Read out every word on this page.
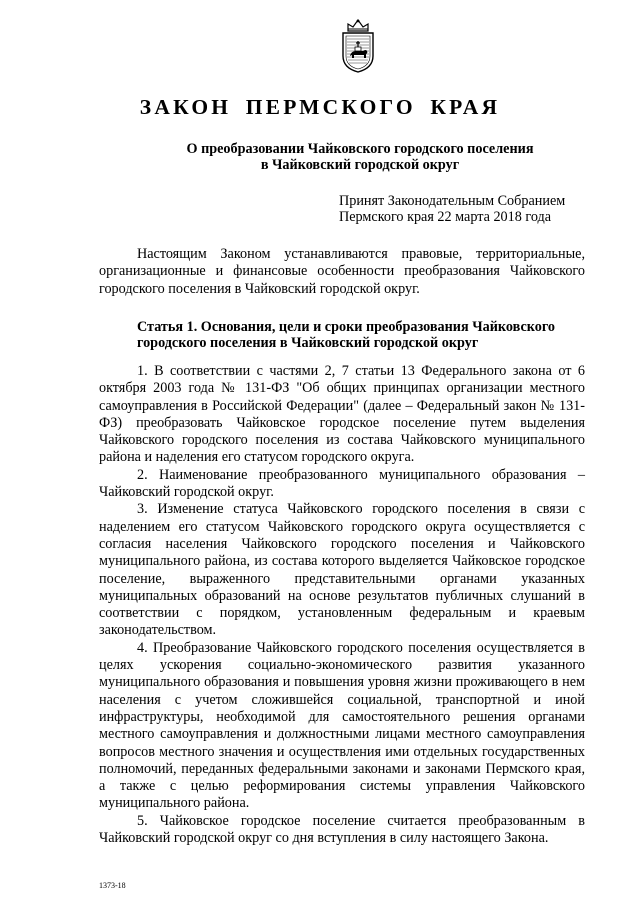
ЗАКОН ПЕРМСКОГО КРАЯ
О преобразовании Чайковского городского поселения
в Чайковский городской округ
Принят Законодательным Собранием
Пермского края 22 марта 2018 года

Настоящим Законом устанавливаются правовые, территориальные, организационные и финансовые особенности преобразования Чайковского городского поселения в Чайковский городской округ.

Статья 1. Основания, цели и сроки преобразования Чайковского
городского поселения в Чайковский городской округ

1. В соответствии с частями 2, 7 статьи 13 Федерального закона от 6 октября 2003 года № 131-ФЗ "Об общих принципах организации местного самоуправления в Российской Федерации" (далее – Федеральный закон № 131-ФЗ) преобразовать Чайковское городское поселение путем выделения Чайковского городского поселения из состава Чайковского муниципального района и наделения его статусом городского округа.

2. Наименование преобразованного муниципального образования – Чайковский городской округ.

3. Изменение статуса Чайковского городского поселения в связи с наделением его статусом Чайковского городского округа осуществляется с согласия населения Чайковского городского поселения и Чайковского муниципального района, из состава которого выделяется Чайковское городское поселение, выраженного представительными органами указанных муниципальных образований на основе результатов публичных слушаний в соответствии с порядком, установленным федеральным и краевым законодательством.

4. Преобразование Чайковского городского поселения осуществляется в целях ускорения социально-экономического развития указанного муниципального образования и повышения уровня жизни проживающего в нем населения с учетом сложившейся социальной, транспортной и иной инфраструктуры, необходимой для самостоятельного решения органами местного самоуправления и должностными лицами местного самоуправления вопросов местного значения и осуществления ими отдельных государственных полномочий, переданных федеральными законами и законами Пермского края, а также с целью реформирования системы управления Чайковского муниципального района.

5. Чайковское городское поселение считается преобразованным в Чайковский городской округ со дня вступления в силу настоящего Закона.

1373-18
